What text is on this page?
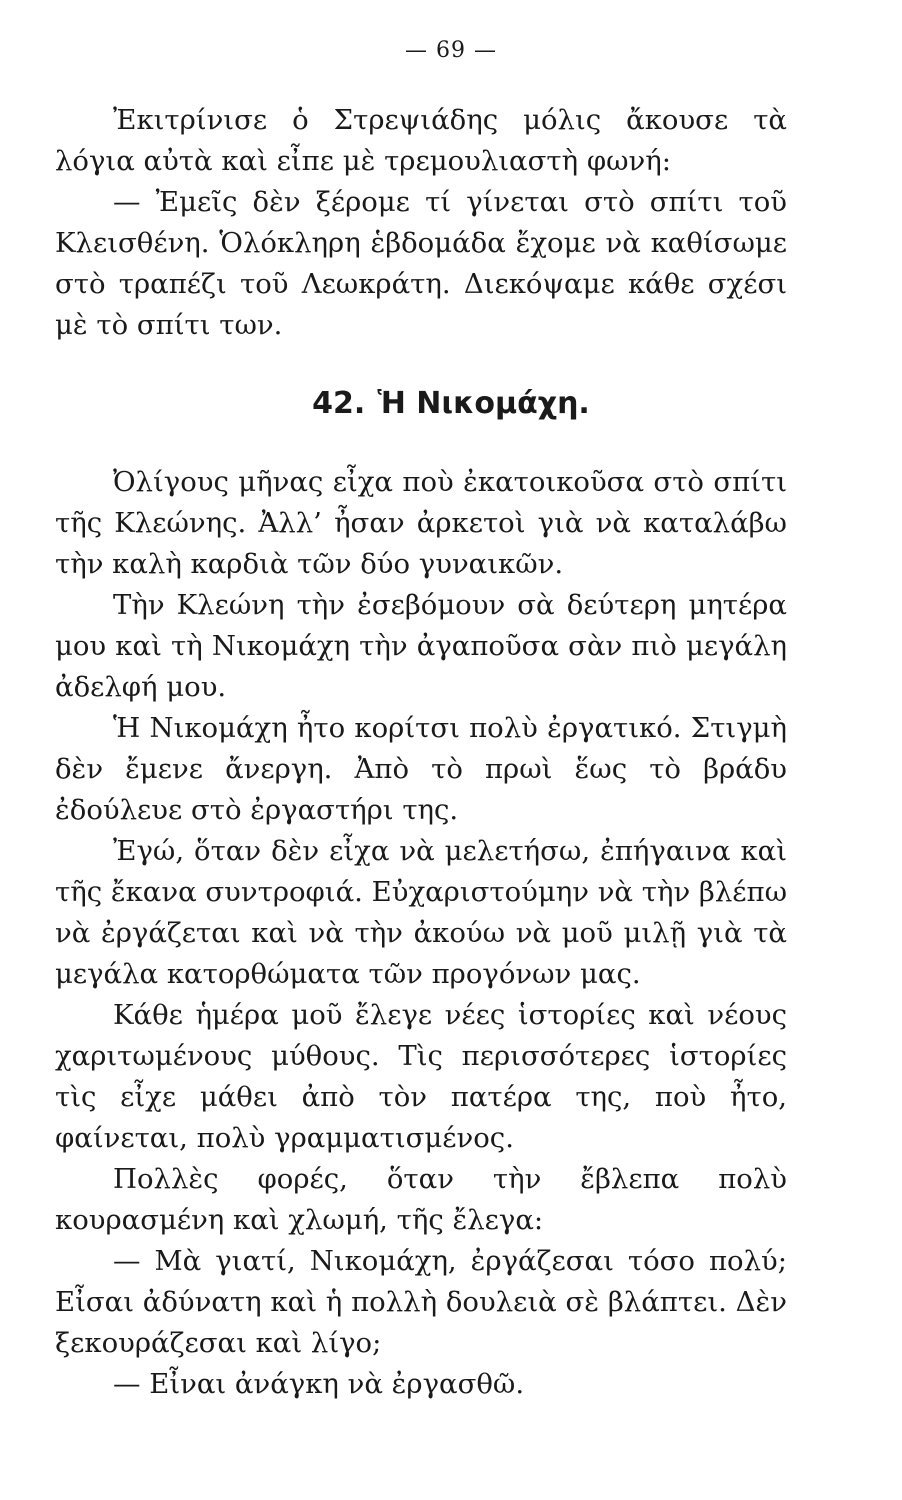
— 69 —
Ἐκιτρίνισε ὁ Στρεψιάδης μόλις ἄκουσε τὰ λόγια αὐτὰ καὶ εἶπε μὲ τρεμουλιαστὴ φωνή:
— Ἐμεῖς δὲν ξέρομε τί γίνεται στὸ σπίτι τοῦ Κλεισθένη. Ὁλόκληρη ἑβδομάδα ἔχομε νὰ καθίσωμε στὸ τραπέζι τοῦ Λεωκράτη. Διεκόψαμε κάθε σχέσι μὲ τὸ σπίτι των.
42. Ἡ Νικομάχη.
Ὀλίγους μῆνας εἶχα ποὺ ἐκατοικοῦσα στὸ σπίτι τῆς Κλεώνης. Ἀλλ’ ἦσαν ἀρκετοὶ γιὰ νὰ καταλάβω τὴν καλὴ καρδιὰ τῶν δύο γυναικῶν.
Τὴν Κλεώνη τὴν ἐσεβόμουν σὰ δεύτερη μητέρα μου καὶ τὴ Νικομάχη τὴν ἀγαποῦσα σὰν πιὸ μεγάλη ἀδελφή μου.
Ἡ Νικομάχη ἦτο κορίτσι πολὺ ἐργατικό. Στιγμὴ δὲν ἔμενε ἄνεργη. Ἀπὸ τὸ πρωὶ ἕως τὸ βράδυ ἐδούλευε στὸ ἐργαστήρι της.
Ἐγώ, ὅταν δὲν εἶχα νὰ μελετήσω, ἐπήγαινα καὶ τῆς ἔκανα συντροφιά. Εὐχαριστούμην νὰ τὴν βλέπω νὰ ἐργάζεται καὶ νὰ τὴν ἀκούω νὰ μοῦ μιλῇ γιὰ τὰ μεγάλα κατορθώματα τῶν προγόνων μας.
Κάθε ἡμέρα μοῦ ἔλεγε νέες ἱστορίες καὶ νέους χαριτωμένους μύθους. Τὶς περισσότερες ἱστορίες τὶς εἶχε μάθει ἀπὸ τὸν πατέρα της, ποὺ ἦτο, φαίνεται, πολὺ γραμματισμένος.
Πολλὲς φορές, ὅταν τὴν ἔβλεπα πολὺ κουρασμένη καὶ χλωμή, τῆς ἔλεγα:
— Μὰ γιατί, Νικομάχη, ἐργάζεσαι τόσο πολύ; Εἶσαι ἀδύνατη καὶ ἡ πολλὴ δουλειὰ σὲ βλάπτει. Δὲν ξεκουράζεσαι καὶ λίγο;
— Εἶναι ἀνάγκη νὰ ἐργασθῶ.
